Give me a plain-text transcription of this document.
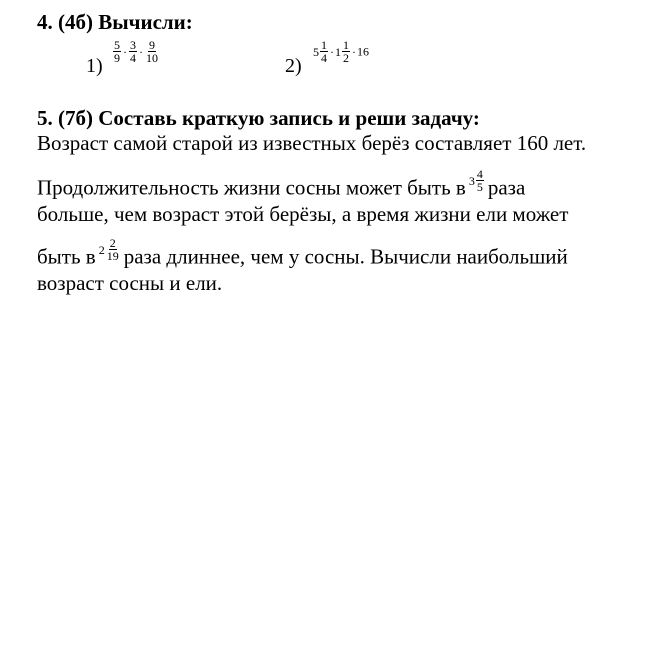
4. (4б) Вычисли:
1)
$\frac{5}{9} \cdot \frac{3}{4} \cdot \frac{9}{10}$
2)
$5 \frac{1}{4} \cdot 1 \frac{1}{2} \cdot 16$
5. (7б) Составь краткую запись и реши задачу:
Возраст самой старой из известных берёз составляет 160 лет.
Продолжительность жизни сосны может быть в $3 \frac{4}{5}$ раза
больше, чем возраст этой берёзы, а время жизни ели может
быть в $2 \frac{2}{19}$ раза длиннее, чем у сосны. Вычисли наибольший
возраст сосны и ели.
